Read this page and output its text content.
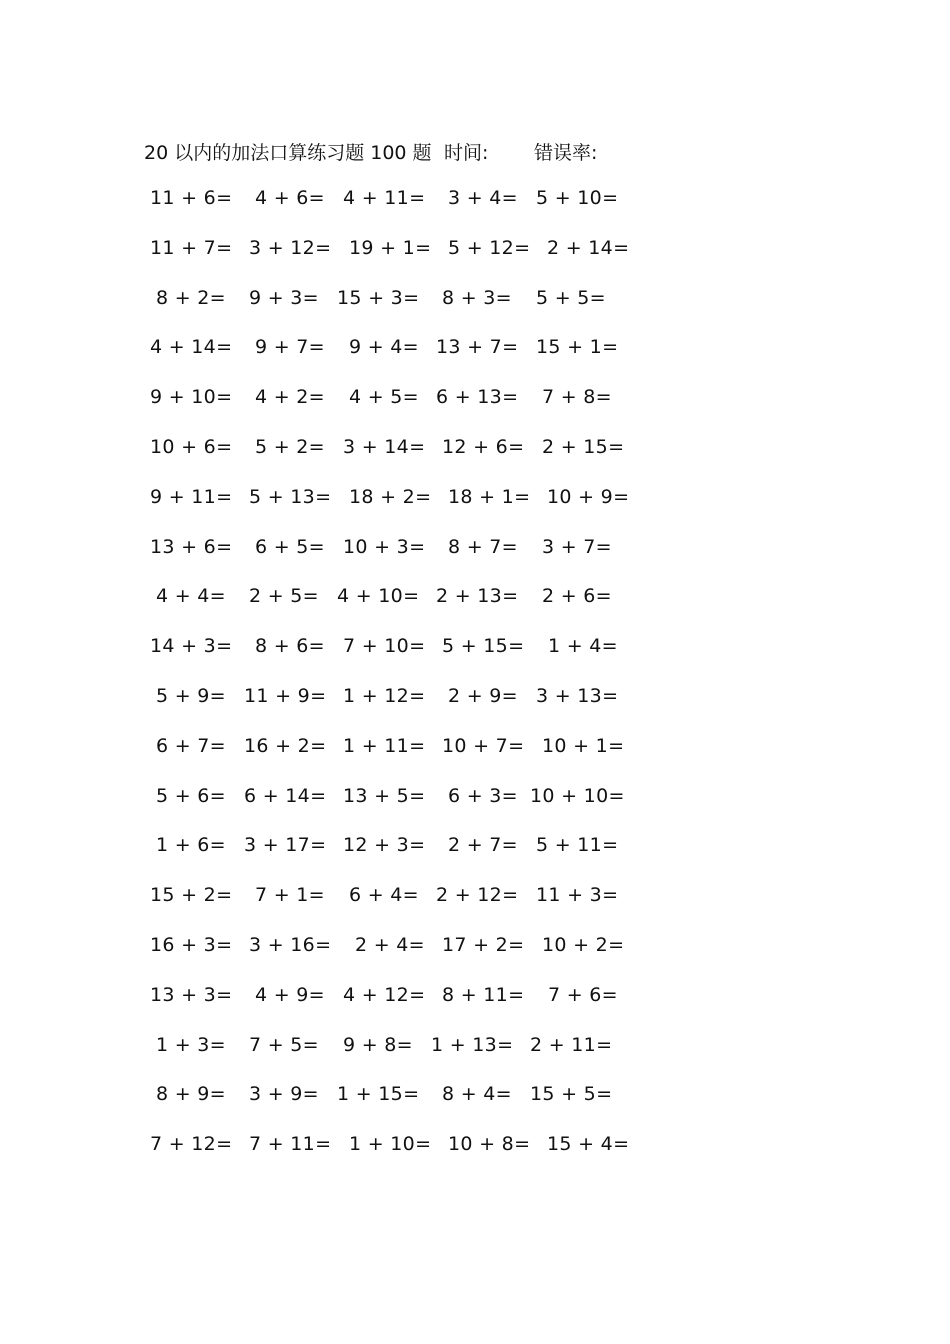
20 以内的加法口算练习题 100 题 时间: 错误率:
11 + 6= 4 + 6= 4 + 11= 3 + 4= 5 + 10=
11 + 7= 3 + 12= 19 + 1= 5 + 12= 2 + 14=
8 + 2= 9 + 3= 15 + 3= 8 + 3= 5 + 5=
4 + 14= 9 + 7= 9 + 4= 13 + 7= 15 + 1=
9 + 10= 4 + 2= 4 + 5= 6 + 13= 7 + 8=
10 + 6= 5 + 2= 3 + 14= 12 + 6= 2 + 15=
9 + 11= 5 + 13= 18 + 2= 18 + 1= 10 + 9=
13 + 6= 6 + 5= 10 + 3= 8 + 7= 3 + 7=
4 + 4= 2 + 5= 4 + 10= 2 + 13= 2 + 6=
14 + 3= 8 + 6= 7 + 10= 5 + 15= 1 + 4=
5 + 9= 11 + 9= 1 + 12= 2 + 9= 3 + 13=
6 + 7= 16 + 2= 1 + 11= 10 + 7= 10 + 1=
5 + 6= 6 + 14= 13 + 5= 6 + 3= 10 + 10=
1 + 6= 3 + 17= 12 + 3= 2 + 7= 5 + 11=
15 + 2= 7 + 1= 6 + 4= 2 + 12= 11 + 3=
16 + 3= 3 + 16= 2 + 4= 17 + 2= 10 + 2=
13 + 3= 4 + 9= 4 + 12= 8 + 11= 7 + 6=
1 + 3= 7 + 5= 9 + 8= 1 + 13= 2 + 11=
8 + 9= 3 + 9= 1 + 15= 8 + 4= 15 + 5=
7 + 12= 7 + 11= 1 + 10= 10 + 8= 15 + 4=
